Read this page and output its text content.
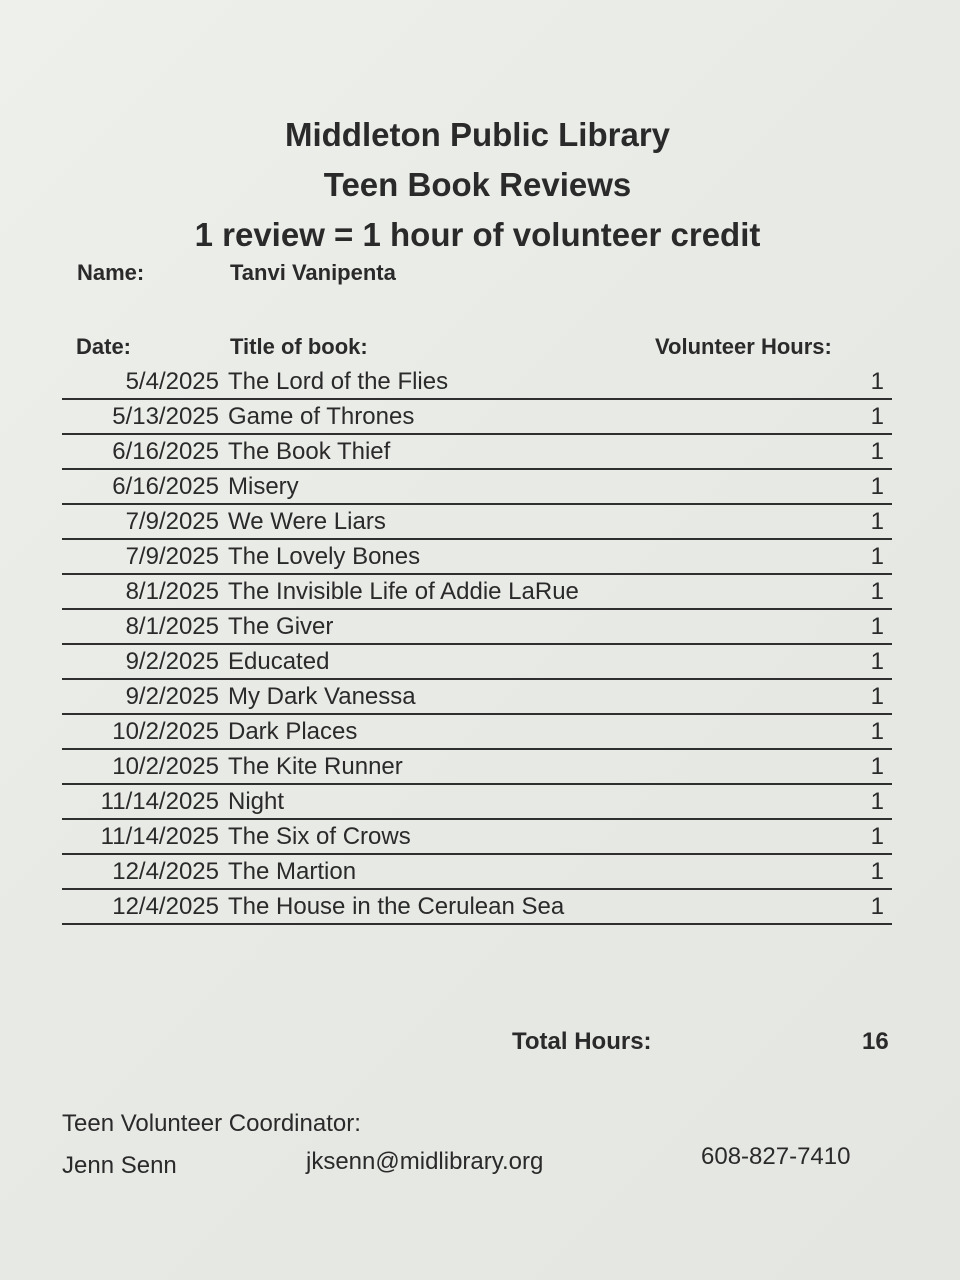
Middleton Public Library
Teen Book Reviews
1 review = 1 hour of volunteer credit
Name:	Tanvi Vanipenta
Date:	Title of book:	Volunteer Hours:
5/4/2025 The Lord of the Flies	1
5/13/2025 Game of Thrones	1
6/16/2025 The Book Thief	1
6/16/2025 Misery	1
7/9/2025 We Were Liars	1
7/9/2025 The Lovely Bones	1
8/1/2025 The Invisible Life of Addie LaRue	1
8/1/2025 The Giver	1
9/2/2025 Educated	1
9/2/2025 My Dark Vanessa	1
10/2/2025 Dark Places	1
10/2/2025 The Kite Runner	1
11/14/2025 Night	1
11/14/2025 The Six of Crows	1
12/4/2025 The Martion	1
12/4/2025 The House in the Cerulean Sea	1
Total Hours:	16
Teen Volunteer Coordinator:
Jenn Senn	jksenn@midlibrary.org	608-827-7410
